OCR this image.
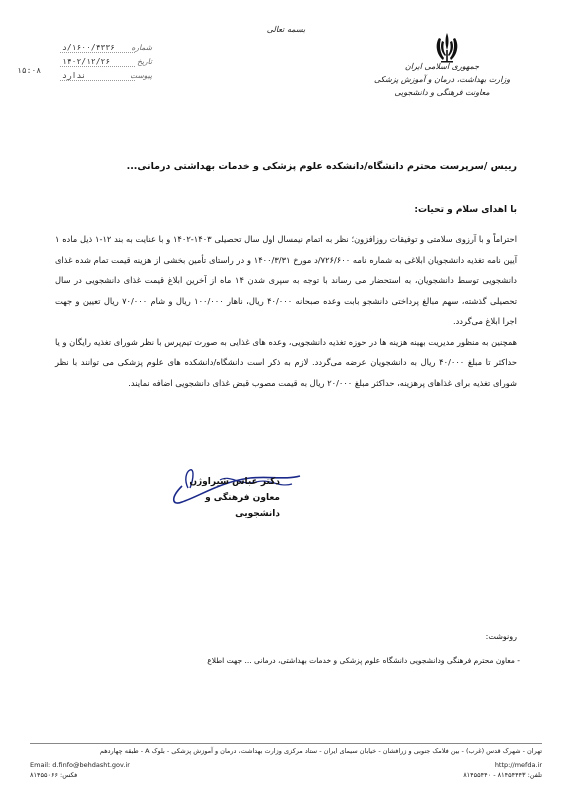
بسمه تعالی
جمهوری اسلامی ایران
وزارت بهداشت، درمان و آموزش پزشکی
معاونت فرهنگی و دانشجویی
شماره
۱۶۰۰/۴۳۳۶/د
تاریخ
۱۴۰۲/۱۲/۲۶
پیوست
ندارد
۱۵:۰۸
رییس /سرپرست محترم دانشگاه/دانشکده علوم پزشکی و خدمات بهداشتی درمانی...
با اهدای سلام و تحیات:

احتراماً و با آرزوی سلامتی و توفیقات روزافزون؛ نظر به اتمام نیمسال اول سال تحصیلی ۱۴۰۳-۱۴۰۲ و با عنایت به بند ۱۲-۱ ذیل ماده ۱ آیین نامه تغذیه دانشجویان ابلاغی به شماره نامه ۷۲۶/۶۰۰/د مورخ ۱۴۰۰/۳/۳۱ و در راستای تأمین بخشی از هزینه قیمت تمام شده غذای دانشجویی توسط دانشجویان، به استحضار می رساند با توجه به سپری شدن ۱۴ ماه از آخرین ابلاغ قیمت غذای دانشجویی در سال تحصیلی گذشته، سهم مبالغ پرداختی دانشجو بابت وعده صبحانه ۴۰/۰۰۰ ریال، ناهار ۱۰۰/۰۰۰ ریال و شام ۷۰/۰۰۰ ریال تعیین و جهت اجرا ابلاغ می‌گردد.

همچنین به منظور مدیریت بهینه هزینه ها در حوزه تغذیه دانشجویی، وعده های غذایی به صورت تیم‌پرس با نظر شورای تغذیه رایگان و یا حداکثر تا مبلغ ۴۰/۰۰۰ ریال به دانشجویان عرضه می‌گردد. لازم به ذکر است دانشگاه/دانشکده های علوم پزشکی می توانند با نظر شورای تغذیه برای غذاهای پرهزینه، حداکثر مبلغ ۲۰/۰۰۰ ریال به قیمت مصوب قبض غذای دانشجویی اضافه نمایند.

دکتر عباس شیراوژن
معاون فرهنگی و دانشجویی
رونوشت:
- معاون محترم فرهنگی ودانشجویی دانشگاه علوم پزشکی و خدمات بهداشتی، درمانی ... جهت اطلاع
تهران - شهرک قدس (غرب) - بین فلامک جنوبی و زرافشان - خیابان سیمای ایران - ستاد مرکزی وزارت بهداشت، درمان و آموزش پزشکی - بلوک A - طبقه چهاردهم
Email: d.finfo@behdasht.gov.ir
فکس: ۸۱۴۵۵۰۶۶
http://mefda.ir
تلفن: ۸۱۴۵۴۴۴۳ - ۸۱۴۵۵۴۴۰
